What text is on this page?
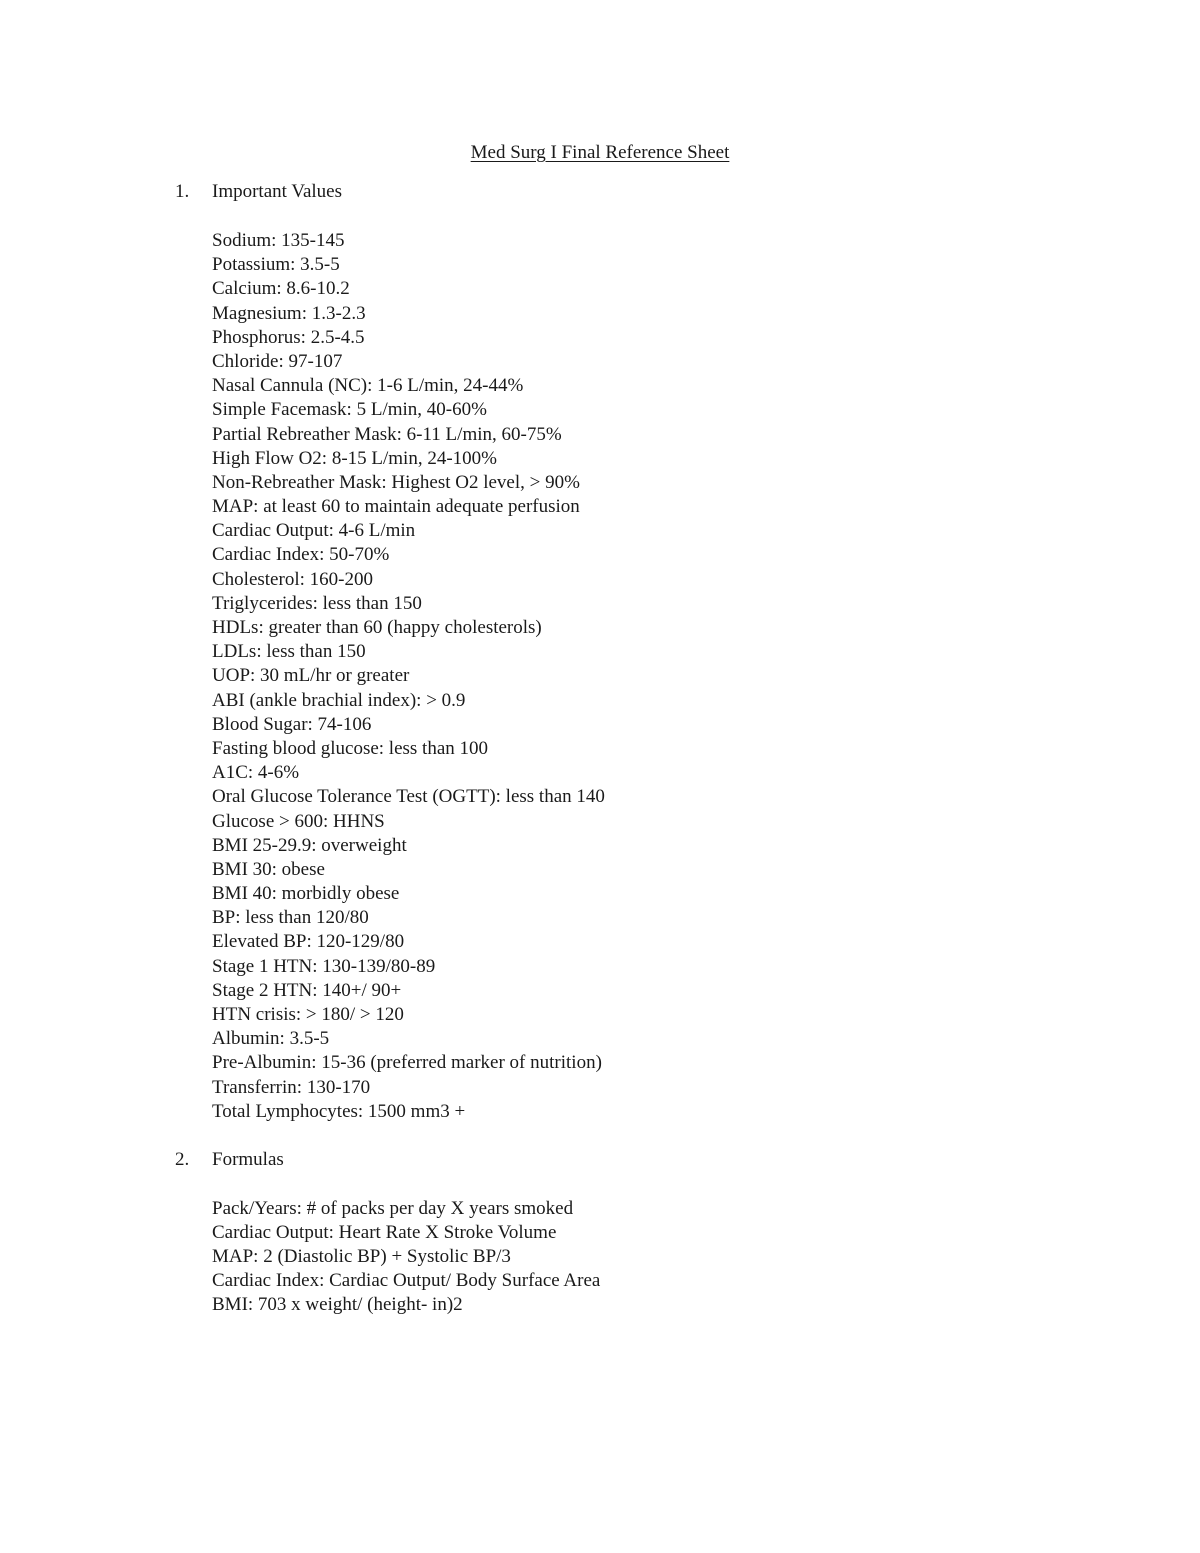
Med Surg I Final Reference Sheet
1. Important Values
Sodium: 135-145
Potassium: 3.5-5
Calcium: 8.6-10.2
Magnesium: 1.3-2.3
Phosphorus: 2.5-4.5
Chloride: 97-107
Nasal Cannula (NC): 1-6 L/min, 24-44%
Simple Facemask: 5 L/min, 40-60%
Partial Rebreather Mask: 6-11 L/min, 60-75%
High Flow O2: 8-15 L/min, 24-100%
Non-Rebreather Mask: Highest O2 level, > 90%
MAP: at least 60 to maintain adequate perfusion
Cardiac Output: 4-6 L/min
Cardiac Index: 50-70%
Cholesterol: 160-200
Triglycerides: less than 150
HDLs: greater than 60 (happy cholesterols)
LDLs: less than 150
UOP: 30 mL/hr or greater
ABI (ankle brachial index): > 0.9
Blood Sugar: 74-106
Fasting blood glucose: less than 100
A1C: 4-6%
Oral Glucose Tolerance Test (OGTT): less than 140
Glucose > 600: HHNS
BMI 25-29.9: overweight
BMI 30: obese
BMI 40: morbidly obese
BP: less than 120/80
Elevated BP: 120-129/80
Stage 1 HTN: 130-139/80-89
Stage 2 HTN: 140+/ 90+
HTN crisis: > 180/ > 120
Albumin: 3.5-5
Pre-Albumin: 15-36 (preferred marker of nutrition)
Transferrin: 130-170
Total Lymphocytes: 1500 mm3 +
2. Formulas
Pack/Years: # of packs per day X years smoked
Cardiac Output: Heart Rate X Stroke Volume
MAP: 2 (Diastolic BP) + Systolic BP/3
Cardiac Index: Cardiac Output/ Body Surface Area
BMI: 703 x weight/ (height- in)2
